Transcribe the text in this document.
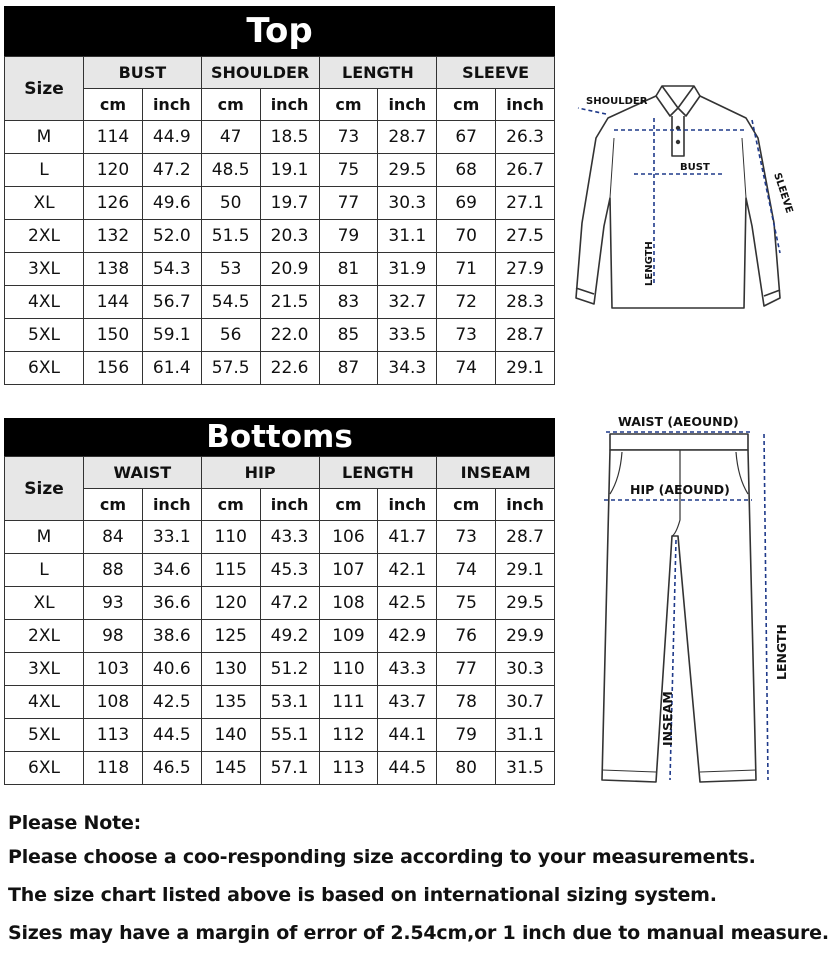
Top
Size	BUST		SHOULDER		LENGTH		SLEEVE	
	cm	inch	cm	inch	cm	inch	cm	inch
M	114	44.9	47	18.5	73	28.7	67	26.3
L	120	47.2	48.5	19.1	75	29.5	68	26.7
XL	126	49.6	50	19.7	77	30.3	69	27.1
2XL	132	52.0	51.5	20.3	79	31.1	70	27.5
3XL	138	54.3	53	20.9	81	31.9	71	27.9
4XL	144	56.7	54.5	21.5	83	32.7	72	28.3
5XL	150	59.1	56	22.0	85	33.5	73	28.7
6XL	156	61.4	57.5	22.6	87	34.3	74	29.1
SHOULDER
BUST
SLEEVE
LENGTH
Bottoms
Size	WAIST		HIP		LENGTH		INSEAM	
	cm	inch	cm	inch	cm	inch	cm	inch
M	84	33.1	110	43.3	106	41.7	73	28.7
L	88	34.6	115	45.3	107	42.1	74	29.1
XL	93	36.6	120	47.2	108	42.5	75	29.5
2XL	98	38.6	125	49.2	109	42.9	76	29.9
3XL	103	40.6	130	51.2	110	43.3	77	30.3
4XL	108	42.5	135	53.1	111	43.7	78	30.7
5XL	113	44.5	140	55.1	112	44.1	79	31.1
6XL	118	46.5	145	57.1	113	44.5	80	31.5
WAIST (AEOUND)
HIP (AEOUND)
LENGTH
INSEAM
Please Note:
Please choose a coo-responding size according to your measurements.
The size chart listed above is based on international sizing system.
Sizes may have a margin of error of 2.54cm,or 1 inch due to manual measure.
